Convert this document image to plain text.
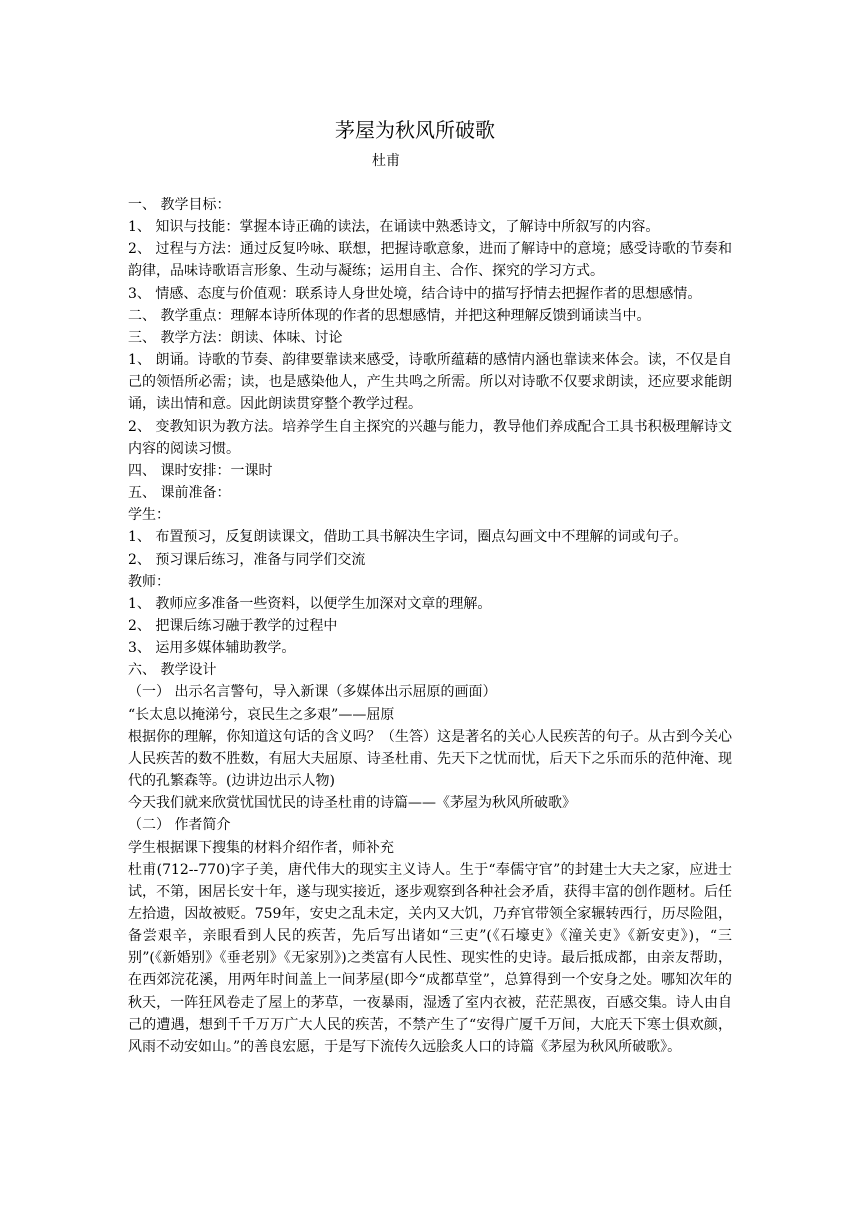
茅屋为秋风所破歌
杜甫

一、 教学目标：

1、 知识与技能：掌握本诗正确的读法，在诵读中熟悉诗文，了解诗中所叙写的内容。

2、 过程与方法：通过反复吟咏、联想，把握诗歌意象，进而了解诗中的意境；感受诗歌的节奏和韵律，品味诗歌语言形象、生动与凝练；运用自主、合作、探究的学习方式。

3、 情感、态度与价值观：联系诗人身世处境，结合诗中的描写抒情去把握作者的思想感情。

二、 教学重点：理解本诗所体现的作者的思想感情，并把这种理解反馈到诵读当中。

三、 教学方法：朗读、体味、讨论

1、 朗诵。诗歌的节奏、韵律要靠读来感受，诗歌所蕴藉的感情内涵也靠读来体会。读，不仅是自己的领悟所必需；读，也是感染他人，产生共鸣之所需。所以对诗歌不仅要求朗读，还应要求能朗诵，读出情和意。因此朗读贯穿整个教学过程。

2、 变教知识为教方法。培养学生自主探究的兴趣与能力，教导他们养成配合工具书积极理解诗文内容的阅读习惯。

四、 课时安排：一课时

五、 课前准备：

学生：

1、 布置预习，反复朗读课文，借助工具书解决生字词，圈点勾画文中不理解的词或句子。

2、 预习课后练习，准备与同学们交流

教师：

1、 教师应多准备一些资料，以便学生加深对文章的理解。

2、 把课后练习融于教学的过程中

3、 运用多媒体辅助教学。

六、 教学设计

（一） 出示名言警句，导入新课（多媒体出示屈原的画面）

“长太息以掩涕兮，哀民生之多艰”——屈原

根据你的理解，你知道这句话的含义吗？（生答）这是著名的关心人民疾苦的句子。从古到今关心人民疾苦的数不胜数，有屈大夫屈原、诗圣杜甫、先天下之忧而忧，后天下之乐而乐的范仲淹、现代的孔繁森等。(边讲边出示人物)

今天我们就来欣赏忧国忧民的诗圣杜甫的诗篇——《茅屋为秋风所破歌》

（二） 作者简介

学生根据课下搜集的材料介绍作者，师补充

杜甫(712--770)字子美，唐代伟大的现实主义诗人。生于“奉儒守官”的封建士大夫之家，应进士试，不第，困居长安十年，遂与现实接近，逐步观察到各种社会矛盾，获得丰富的创作题材。后任左拾遗，因故被贬。759年，安史之乱未定，关内又大饥，乃弃官带领全家辗转西行，历尽险阻，备尝艰辛，亲眼看到人民的疾苦，先后写出诸如“三吏”(《石壕吏》《潼关吏》《新安吏》)，“三别”(《新婚别》《垂老别》《无家别》)之类富有人民性、现实性的史诗。最后抵成都，由亲友帮助，在西郊浣花溪，用两年时间盖上一间茅屋(即今“成都草堂”，总算得到一个安身之处。哪知次年的秋天，一阵狂风卷走了屋上的茅草，一夜暴雨，湿透了室内衣被，茫茫黑夜，百感交集。诗人由自己的遭遇，想到千千万万广大人民的疾苦，不禁产生了“安得广厦千万间，大庇天下寒士俱欢颜，风雨不动安如山。”的善良宏愿，于是写下流传久远脍炙人口的诗篇《茅屋为秋风所破歌》。
